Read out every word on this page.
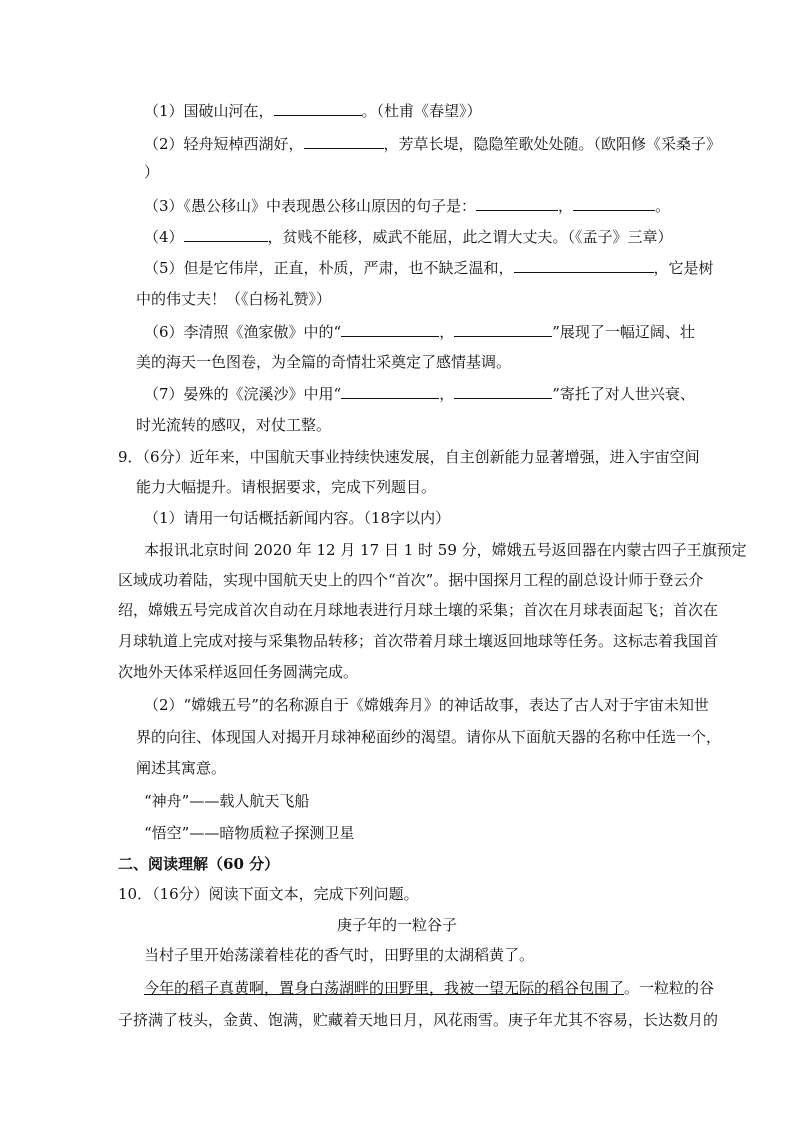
（1）国破山河在，	。（杜甫《春望》）
（2）轻舟短棹西湖好，	，芳草长堤，隐隐笙歌处处随。（欧阳修《采桑子》
）
（3）《愚公移山》中表现愚公移山原因的句子是：	，	。
（4）	，贫贱不能移，威武不能屈，此之谓大丈夫。（《孟子》三章）
（5）但是它伟岸，正直，朴质，严肃，也不缺乏温和，	，它是树
中的伟丈夫！（《白杨礼赞》）
（6）李清照《渔家傲》中的“	，	”展现了一幅辽阔、壮
美的海天一色图卷，为全篇的奇情壮采奠定了感情基调。
（7）晏殊的《浣溪沙》中用“	，	”寄托了对人世兴衰、
时光流转的感叹，对仗工整。
9．（6分）近年来，中国航天事业持续快速发展，自主创新能力显著增强，进入宇宙空间
能力大幅提升。请根据要求，完成下列题目。
（1）请用一句话概括新闻内容。（18字以内）
本报讯北京时间 2020 年 12 月 17 日 1 时 59 分，嫦娥五号返回器在内蒙古四子王旗预定
区域成功着陆，实现中国航天史上的四个“首次”。据中国探月工程的副总设计师于登云介
绍，嫦娥五号完成首次自动在月球地表进行月球土壤的采集；首次在月球表面起飞；首次在
月球轨道上完成对接与采集物品转移；首次带着月球土壤返回地球等任务。这标志着我国首
次地外天体采样返回任务圆满完成。
（2）“嫦娥五号”的名称源自于《嫦娥奔月》的神话故事，表达了古人对于宇宙未知世
界的向往、体现国人对揭开月球神秘面纱的渴望。请你从下面航天器的名称中任选一个，
阐述其寓意。
“神舟”——载人航天飞船
“悟空”——暗物质粒子探测卫星
二、阅读理解（60 分）
10．（16分）阅读下面文本，完成下列问题。
庚子年的一粒谷子
当村子里开始荡漾着桂花的香气时，田野里的太湖稻黄了。
今年的稻子真黄啊，置身白荡湖畔的田野里，我被一望无际的稻谷包围了。一粒粒的谷
子挤满了枝头，金黄、饱满，贮藏着天地日月，风花雨雪。庚子年尤其不容易，长达数月的
